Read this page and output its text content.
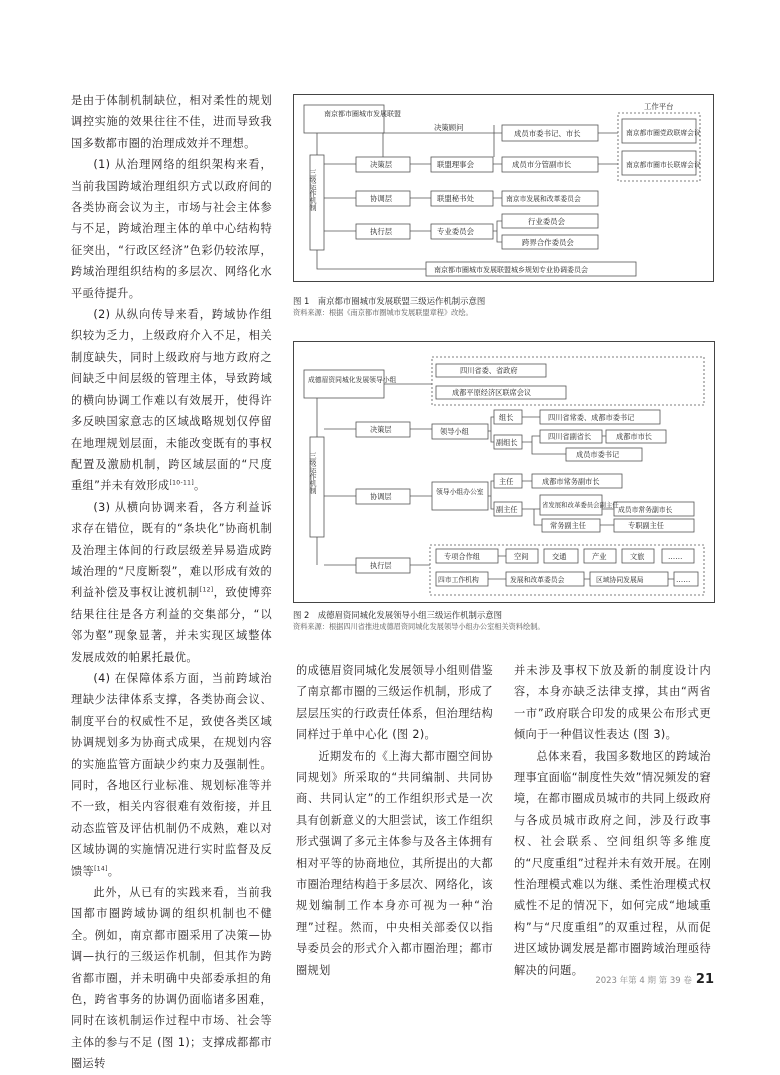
是由于体制机制缺位，相对柔性的规划调控实施的效果往往不佳，进而导致我国多数都市圈的治理成效并不理想。

(1) 从治理网络的组织架构来看，当前我国跨域治理组织方式以政府间的各类协商会议为主，市场与社会主体参与不足，跨域治理主体的单中心结构特征突出，“行政区经济”色彩仍较浓厚，跨域治理组织结构的多层次、网络化水平亟待提升。

(2) 从纵向传导来看，跨域协作组织较为乏力，上级政府介入不足，相关制度缺失，同时上级政府与地方政府之间缺乏中间层级的管理主体，导致跨域的横向协调工作难以有效展开，使得许多反映国家意志的区域战略规划仅停留在地理规划层面，未能改变既有的事权配置及激励机制，跨区域层面的“尺度重组”并未有效形成[10-11]。

(3) 从横向协调来看，各方利益诉求存在错位，既有的“条块化”协商机制及治理主体间的行政层级差异易造成跨域治理的“尺度断裂”，难以形成有效的利益补偿及事权让渡机制[12]，致使博弈结果往往是各方利益的交集部分，“以邻为壑”现象显著，并未实现区域整体发展成效的帕累托最优。

(4) 在保障体系方面，当前跨域治理缺少法律体系支撑，各类协商会议、制度平台的权威性不足，致使各类区域协调规划多为协商式成果，在规划内容的实施监管方面缺少约束力及强制性。同时，各地区行业标准、规划标准等并不一致，相关内容很难有效衔接，并且动态监管及评估机制仍不成熟，难以对区域协调的实施情况进行实时监督及反馈等[14]。

此外，从已有的实践来看，当前我国都市圈跨域协调的组织机制也不健全。例如，南京都市圈采用了决策—协调—执行的三级运作机制，但其作为跨省都市圈，并未明确中央部委承担的角色，跨省事务的协调仍面临诸多困难，同时在该机制运作过程中市场、社会等主体的参与不足 (图 1)；支撑成都都市圈运转

南京都市圈城市发展联盟
三级运作机制
决策层
协调层
执行层
决策顾问
成员市委书记、市长
工作平台
南京都市圈党政联席会议
南京都市圈市长联席会议
联盟理事会	成员市分管副市长
联盟秘书处	南京市发展和改革委员会
专业委员会
行业委员会
跨界合作委员会
南京都市圈城市发展联盟城乡规划专业协调委员会
图 1　南京都市圈城市发展联盟三级运作机制示意图
资料来源：根据《南京都市圈城市发展联盟章程》改绘。
成德眉资同城化发展领导小组
三级运作机制
决策层
协调层
执行层
四川省委、省政府
成都平原经济区联席会议
领导小组
组长	四川省常委、成都市委书记
副组长
四川省副省长	成都市市长
成员市委书记
领导小组办公室
主任	成都市常务副市长
副主任	省发展和改革委员会副主任
成员市常务副市长
常务副主任	专职副主任
专项合作组	空间	交通	产业	文旅	……
四市工作机构	发展和改革委员会	区域协同发展局	……
图 2　成德眉资同城化发展领导小组三级运作机制示意图
资料来源：根据四川省推进成德眉资同城化发展领导小组办公室相关资料绘制。

的成德眉资同城化发展领导小组则借鉴了南京都市圈的三级运作机制，形成了层层压实的行政责任体系，但治理结构同样过于单中心化 (图 2)。

近期发布的《上海大都市圈空间协同规划》所采取的“共同编制、共同协商、共同认定”的工作组织形式是一次具有创新意义的大胆尝试，该工作组织形式强调了多元主体参与及各主体拥有相对平等的协商地位，其所提出的大都市圈治理结构趋于多层次、网络化，该规划编制工作本身亦可视为一种“治理”过程。然而，中央相关部委仅以指导委员会的形式介入都市圈治理；都市圈规划

并未涉及事权下放及新的制度设计内容，本身亦缺乏法律支撑，其由“两省一市”政府联合印发的成果公布形式更倾向于一种倡议性表达 (图 3)。

总体来看，我国多数地区的跨域治理事宜面临“制度性失效”情况频发的窘境，在都市圈成员城市的共同上级政府与各成员城市政府之间，涉及行政事权、社会联系、空间组织等多维度的“尺度重组”过程并未有效开展。在刚性治理模式难以为继、柔性治理模式权威性不足的情况下，如何完成“地域重构”与“尺度重组”的双重过程，从而促进区域协调发展是都市圈跨域治理亟待解决的问题。

2023 年第 4 期 第 39 卷 21
